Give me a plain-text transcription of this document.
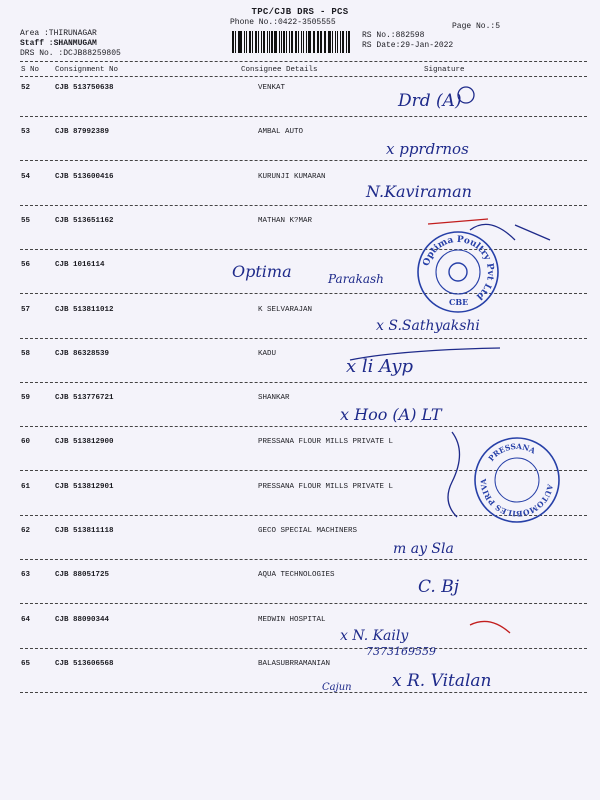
TPC/CJB DRS - PCS
Phone No.:0422-3505555	Page No.:5
Area :THIRUNAGAR
Staff :SHANMUGAM
DRS No. :DCJB88259805
RS No.:882598
RS Date:29-Jan-2022
S No Consignment No	Consignee Details	Signature
52	CJB 513750638	VENKAT
53	CJB 87992389	AMBAL AUTO
54	CJB 513600416	KURUNJI KUMARAN
55	CJB 513651162	MATHAN K?MAR
56	CJB 1016114
57	CJB 513811012	K SELVARAJAN
58	CJB 86328539	KADU
59	CJB 513776721	SHANKAR
60	CJB 513812900	PRESSANA FLOUR MILLS PRIVATE L
61	CJB 513812901	PRESSANA FLOUR MILLS PRIVATE L
62	CJB 513811118	GECO SPECIAL MACHINERS
63	CJB 88051725	AQUA TECHNOLOGIES
64	CJB 88090344	MEDWIN HOSPITAL
65	CJB 513606568	BALASUBRRAMANIAN
Drd (A)
x pprdrnos
N.Kaviraman
Optima	Parakash
x S.Sathyakshi
x li Ayp
x Hoo (A) LT
m ay Sla
C. Bj
x N. Kaily
7373169559
Cajun x R. Vitalan
Optima Poultry Pvt Ltd
CBE
AUTOMOBILES PRIVATE LIMITED
PRESSANA
